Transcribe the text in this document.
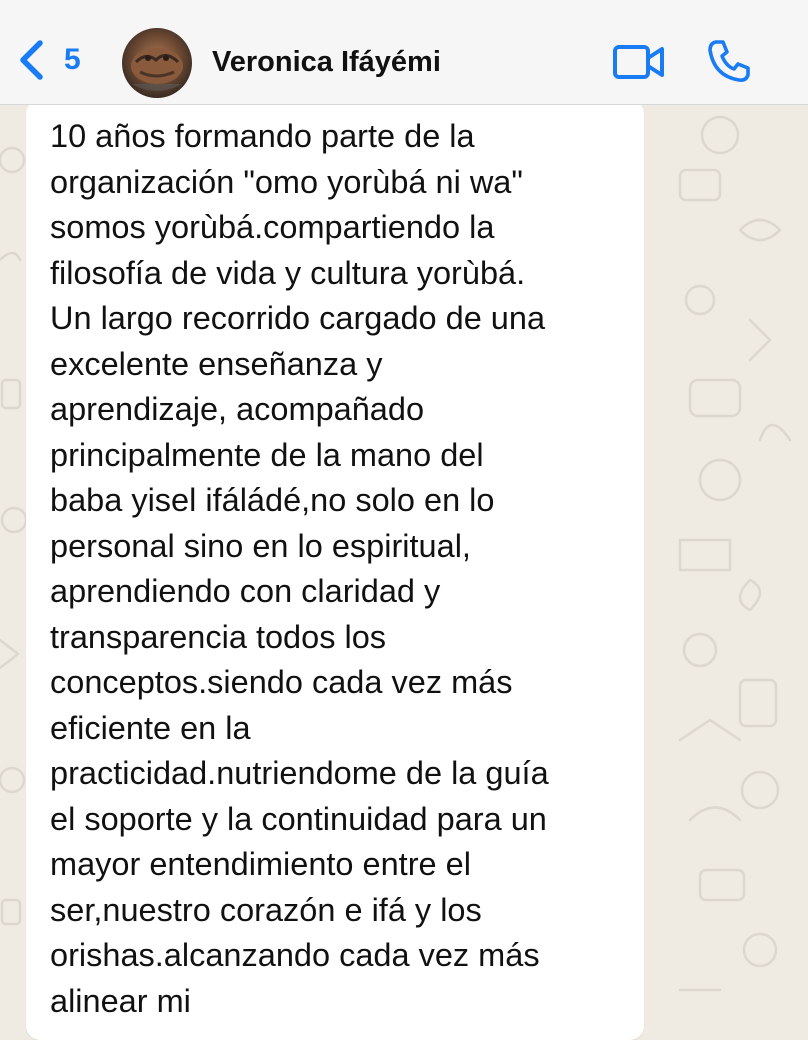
5	Veronica Ifáyémi

10 años formando parte de la
organización "omo yorùbá ni wa"
somos yorùbá.compartiendo la
filosofía de vida y cultura yorùbá.
Un largo recorrido cargado de una
excelente enseñanza y
aprendizaje, acompañado
principalmente de la mano del
baba yisel ifáládé,no solo en lo
personal sino en lo espiritual,
aprendiendo con claridad y
transparencia todos los
conceptos.siendo cada vez más
eficiente en la
practicidad.nutriendome de la guía
el soporte y la continuidad para un
mayor entendimiento entre el
ser,nuestro corazón e ifá y los
orishas.alcanzando cada vez más
alinear mi
